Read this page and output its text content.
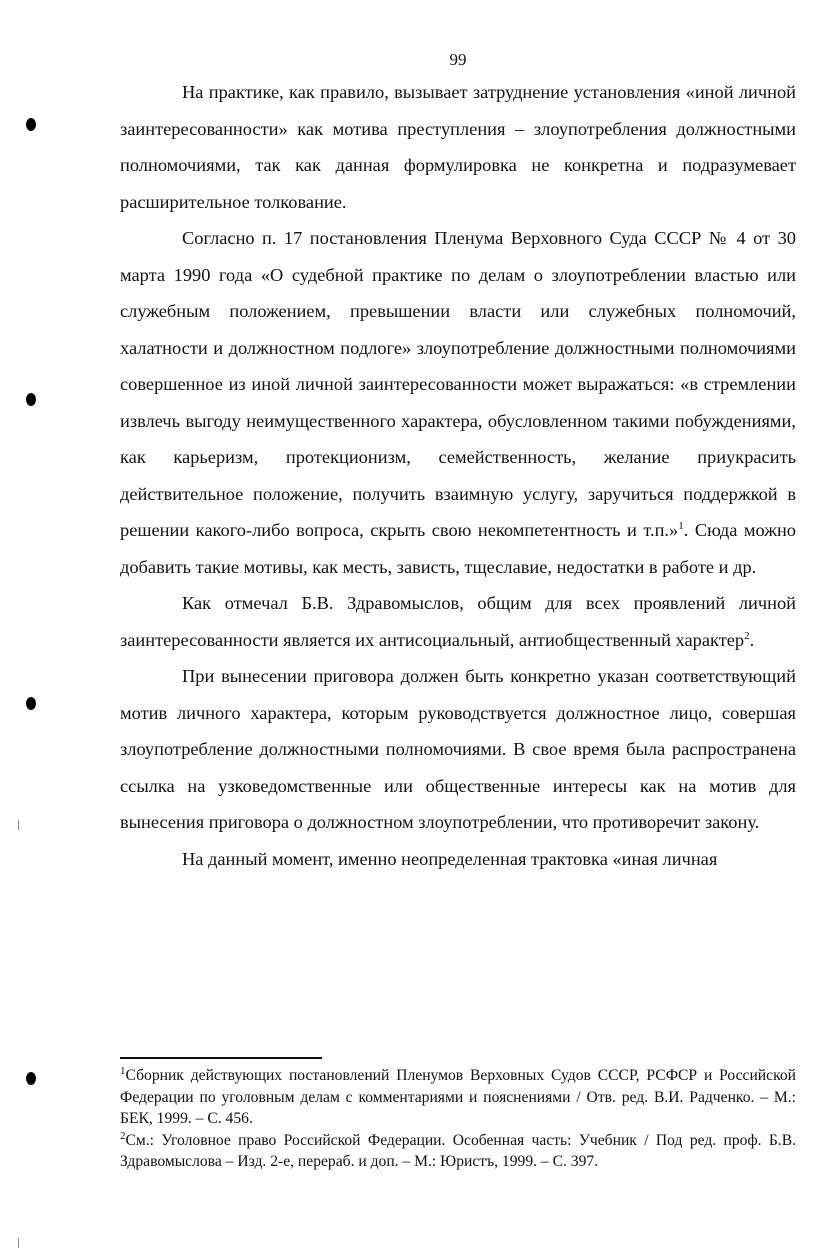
99

На практике, как правило, вызывает затруднение установления «иной личной заинтересованности» как мотива преступления – злоупотребления должностными полномочиями, так как данная формулировка не конкретна и подразумевает расширительное толкование.

Согласно п. 17 постановления Пленума Верховного Суда СССР № 4 от 30 марта 1990 года «О судебной практике по делам о злоупотреблении властью или служебным положением, превышении власти или служебных полномочий, халатности и должностном подлоге» злоупотребление должностными полномочиями совершенное из иной личной заинтересованности может выражаться: «в стремлении извлечь выгоду неимущественного характера, обусловленном такими побуждениями, как карьеризм, протекционизм, семейственность, желание приукрасить действительное положение, получить взаимную услугу, заручиться поддержкой в решении какого-либо вопроса, скрыть свою некомпетентность и т.п.»$^1$. Сюда можно добавить такие мотивы, как месть, зависть, тщеславие, недостатки в работе и др.

Как отмечал Б.В. Здравомыслов, общим для всех проявлений личной заинтересованности является их антисоциальный, антиобщественный характер$^2$.

При вынесении приговора должен быть конкретно указан соответствующий мотив личного характера, которым руководствуется должностное лицо, совершая злоупотребление должностными полномочиями. В свое время была распространена ссылка на узковедомственные или общественные интересы как на мотив для вынесения приговора о должностном злоупотреблении, что противоречит закону.

На данный момент, именно неопределенная трактовка «иная личная

$^1$Сборник действующих постановлений Пленумов Верховных Судов СССР, РСФСР и Российской Федерации по уголовным делам с комментариями и пояснениями / Отв. ред. В.И. Радченко. – М.: БЕК, 1999. – С. 456.

$^2$См.: Уголовное право Российской Федерации. Особенная часть: Учебник / Под ред. проф. Б.В. Здравомыслова – Изд. 2-е, перераб. и доп. – М.: Юристъ, 1999. – С. 397.
